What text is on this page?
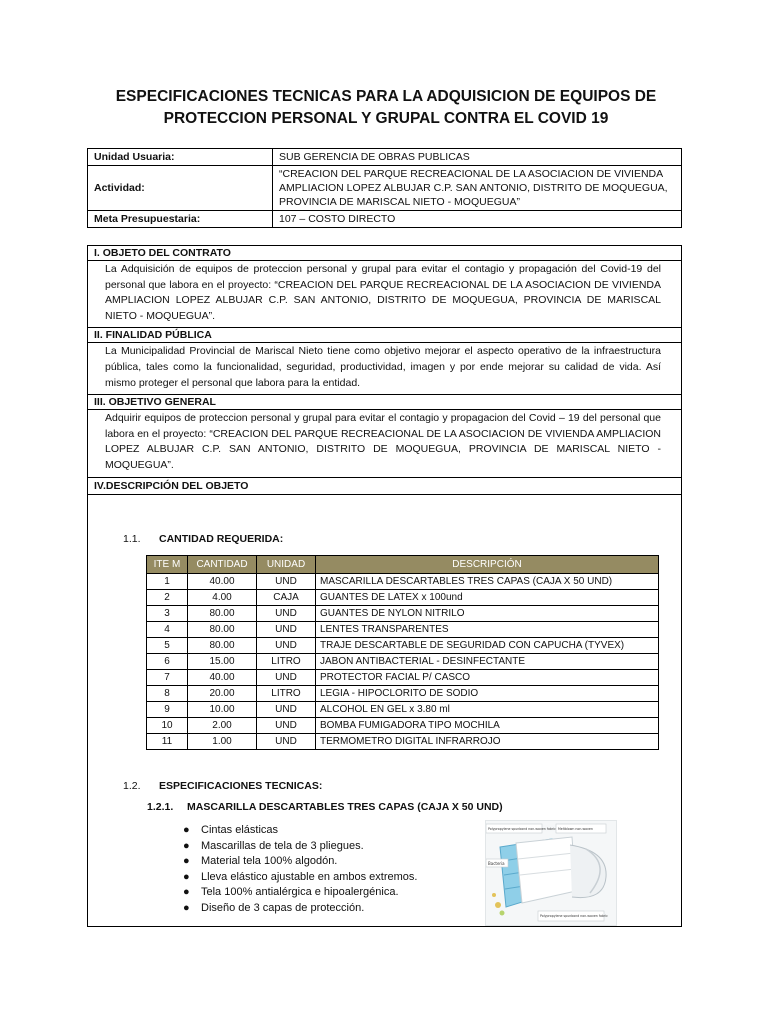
ESPECIFICACIONES TECNICAS PARA LA ADQUISICION DE EQUIPOS DE
PROTECCION PERSONAL Y GRUPAL CONTRA EL COVID 19
Unidad Usuaria:	SUB GERENCIA DE OBRAS PUBLICAS
Actividad:	“CREACION DEL PARQUE RECREACIONAL DE LA ASOCIACION DE VIVIENDA AMPLIACION LOPEZ ALBUJAR C.P. SAN ANTONIO, DISTRITO DE MOQUEGUA, PROVINCIA DE MARISCAL NIETO - MOQUEGUA”
Meta Presupuestaria:	107 – COSTO DIRECTO
I. OBJETO DEL CONTRATO
La Adquisición de equipos de proteccion personal y grupal para evitar el contagio y propagación del Covid-19 del personal que labora en el proyecto: “CREACION DEL PARQUE RECREACIONAL DE LA ASOCIACION DE VIVIENDA AMPLIACION LOPEZ ALBUJAR C.P. SAN ANTONIO, DISTRITO DE MOQUEGUA, PROVINCIA DE MARISCAL NIETO - MOQUEGUA”.
II. FINALIDAD PÚBLICA
La Municipalidad Provincial de Mariscal Nieto tiene como objetivo mejorar el aspecto operativo de la infraestructura pública, tales como la funcionalidad, seguridad, productividad, imagen y por ende mejorar su calidad de vida. Así mismo proteger el personal que labora para la entidad.
III. OBJETIVO GENERAL
Adquirir equipos de proteccion personal y grupal para evitar el contagio y propagacion del Covid – 19 del personal que labora en el proyecto: “CREACION DEL PARQUE RECREACIONAL DE LA ASOCIACION DE VIVIENDA AMPLIACION LOPEZ ALBUJAR C.P. SAN ANTONIO, DISTRITO DE MOQUEGUA, PROVINCIA DE MARISCAL NIETO - MOQUEGUA”.
IV.DESCRIPCIÓN DEL OBJETO
1.1. CANTIDAD REQUERIDA:
ITE M	CANTIDAD	UNIDAD	DESCRIPCIÓN
1	40.00	UND	MASCARILLA DESCARTABLES TRES CAPAS (CAJA X 50 UND)
2	4.00	CAJA	GUANTES DE LATEX x 100und
3	80.00	UND	GUANTES DE NYLON NITRILO
4	80.00	UND	LENTES TRANSPARENTES
5	80.00	UND	TRAJE DESCARTABLE DE SEGURIDAD CON CAPUCHA (TYVEX)
6	15.00	LITRO	JABON ANTIBACTERIAL - DESINFECTANTE
7	40.00	UND	PROTECTOR FACIAL P/ CASCO
8	20.00	LITRO	LEGIA - HIPOCLORITO DE SODIO
9	10.00	UND	ALCOHOL EN GEL x 3.80 ml
10	2.00	UND	BOMBA FUMIGADORA TIPO MOCHILA
11	1.00	UND	TERMOMETRO DIGITAL INFRARROJO
1.2. ESPECIFICACIONES TECNICAS:
1.2.1. MASCARILLA DESCARTABLES TRES CAPAS (CAJA X 50 UND)
● Cintas elásticas
● Mascarillas de tela de 3 pliegues.
● Material tela 100% algodón.
● Lleva elástico ajustable en ambos extremos.
● Tela 100% antialérgica e hipoalergénica.
● Diseño de 3 capas de protección.
Polypropylene spunbond non-woven fabric Meltblown non-woven
Bacteria
Polypropylene spunbond non-woven fabric
